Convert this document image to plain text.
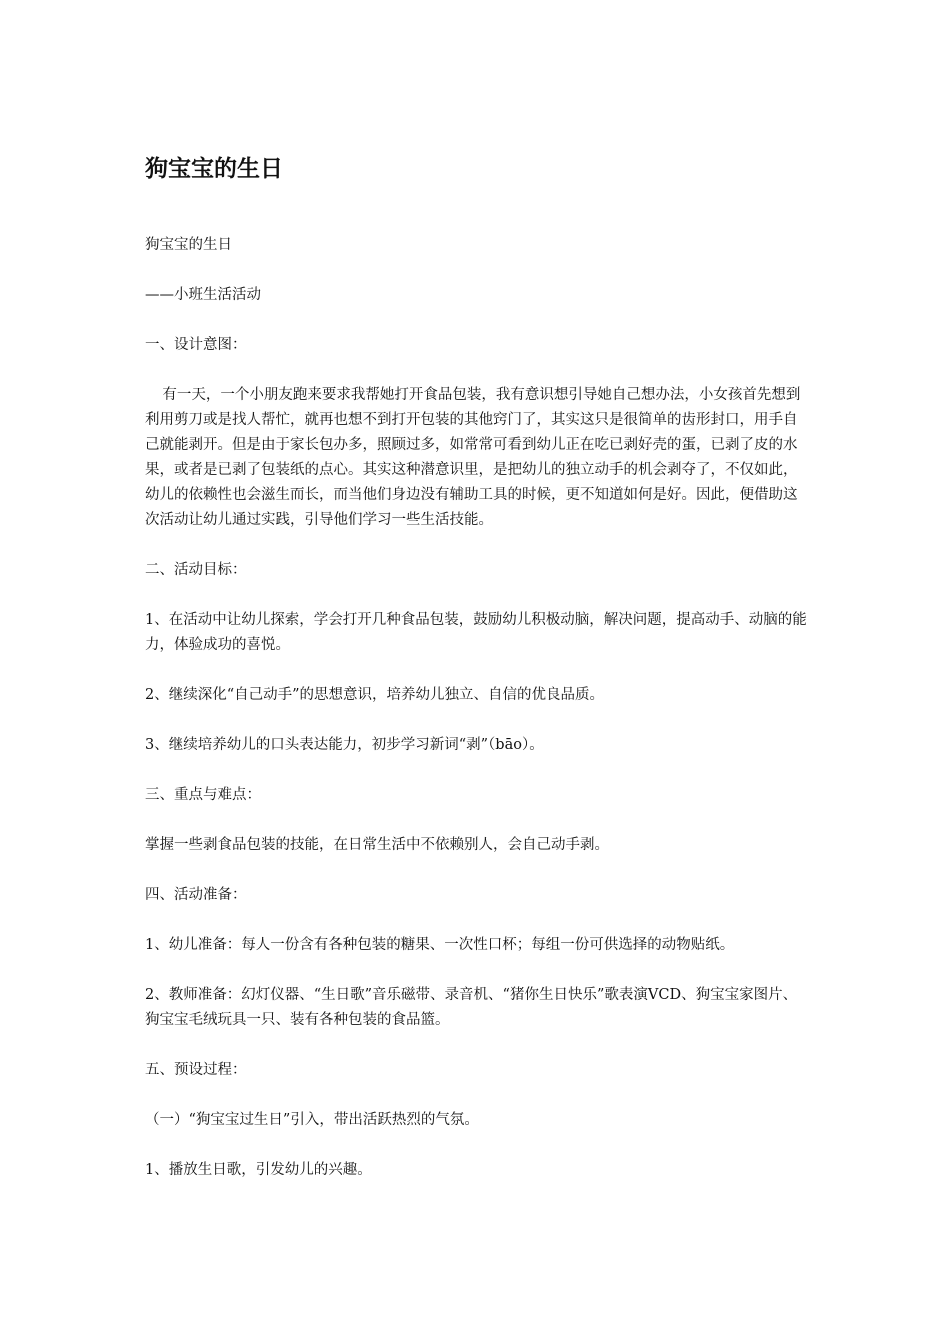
狗宝宝的生日

狗宝宝的生日

——小班生活活动

一、设计意图：

有一天，一个小朋友跑来要求我帮她打开食品包装，我有意识想引导她自己想办法，小女孩首先想到利用剪刀或是找人帮忙，就再也想不到打开包装的其他窍门了，其实这只是很简单的齿形封口，用手自己就能剥开。但是由于家长包办多，照顾过多，如常常可看到幼儿正在吃已剥好壳的蛋，已剥了皮的水果，或者是已剥了包装纸的点心。其实这种潜意识里，是把幼儿的独立动手的机会剥夺了，不仅如此，幼儿的依赖性也会滋生而长，而当他们身边没有辅助工具的时候，更不知道如何是好。因此，便借助这次活动让幼儿通过实践，引导他们学习一些生活技能。

二、活动目标：

1、在活动中让幼儿探索，学会打开几种食品包装，鼓励幼儿积极动脑，解决问题，提高动手、动脑的能力，体验成功的喜悦。

2、继续深化“自己动手”的思想意识，培养幼儿独立、自信的优良品质。

3、继续培养幼儿的口头表达能力，初步学习新词“剥”（bāo）。

三、重点与难点：

掌握一些剥食品包装的技能，在日常生活中不依赖别人，会自己动手剥。

四、活动准备：

1、幼儿准备：每人一份含有各种包装的糖果、一次性口杯；每组一份可供选择的动物贴纸。

2、教师准备：幻灯仪器、“生日歌”音乐磁带、录音机、“猪你生日快乐”歌表演VCD、狗宝宝家图片、狗宝宝毛绒玩具一只、装有各种包装的食品篮。

五、预设过程：

（一）“狗宝宝过生日”引入，带出活跃热烈的气氛。

1、播放生日歌，引发幼儿的兴趣。
